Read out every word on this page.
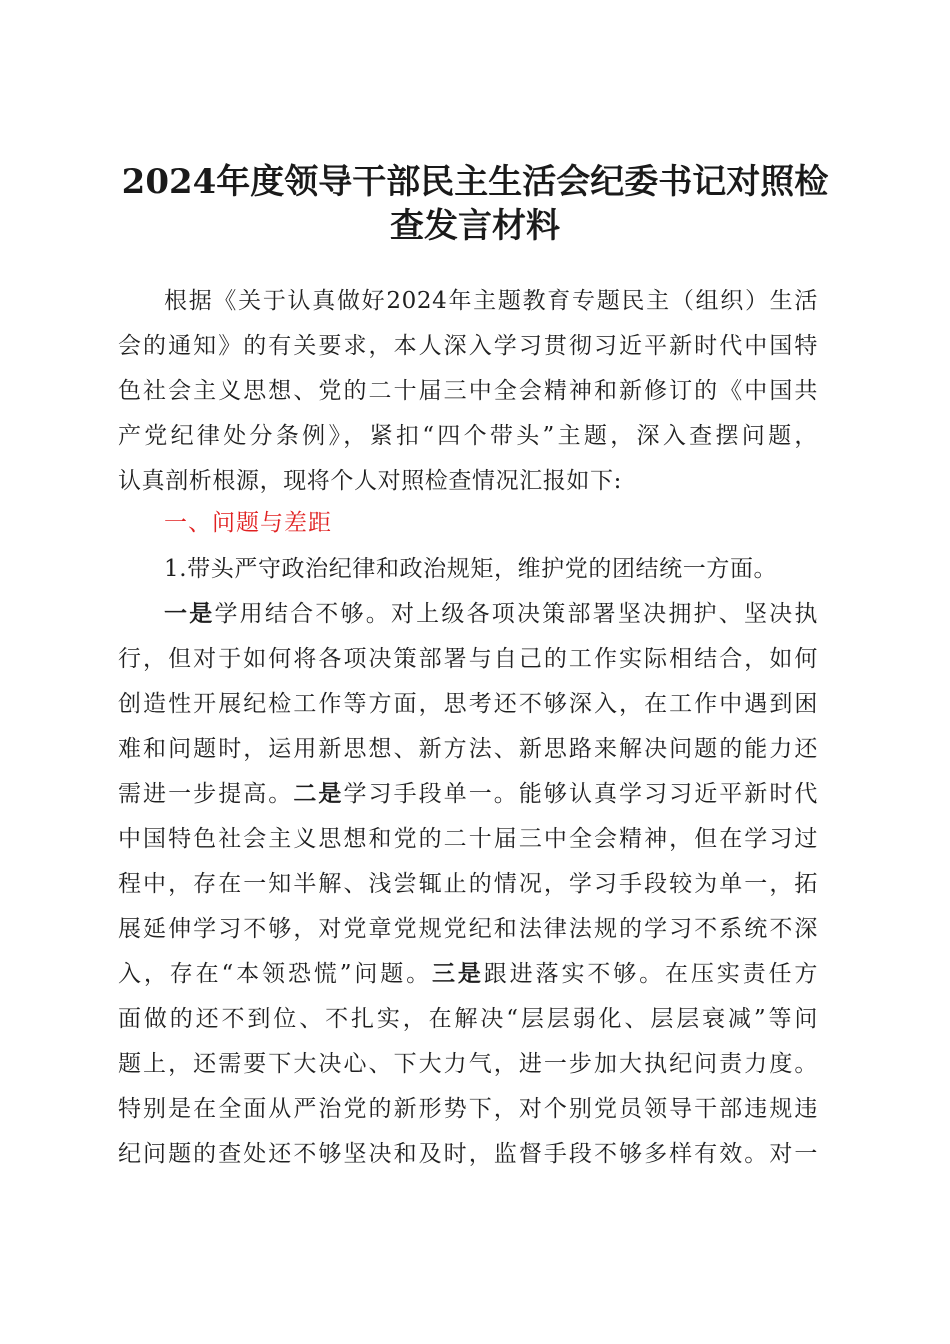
2024年度领导干部民主生活会纪委书记对照检
查发言材料
根据《关于认真做好2024年主题教育专题民主（组织）生活
会的通知》的有关要求，本人深入学习贯彻习近平新时代中国特
色社会主义思想、党的二十届三中全会精神和新修订的《中国共
产党纪律处分条例》，紧扣“四个带头”主题，深入查摆问题，
认真剖析根源，现将个人对照检查情况汇报如下:
一、问题与差距
1.带头严守政治纪律和政治规矩，维护党的团结统一方面。
一是学用结合不够。对上级各项决策部署坚决拥护、坚决执
行，但对于如何将各项决策部署与自己的工作实际相结合，如何
创造性开展纪检工作等方面，思考还不够深入，在工作中遇到困
难和问题时，运用新思想、新方法、新思路来解决问题的能力还
需进一步提高。二是学习手段单一。能够认真学习习近平新时代
中国特色社会主义思想和党的二十届三中全会精神，但在学习过
程中，存在一知半解、浅尝辄止的情况，学习手段较为单一，拓
展延伸学习不够，对党章党规党纪和法律法规的学习不系统不深
入，存在“本领恐慌”问题。三是跟进落实不够。在压实责任方
面做的还不到位、不扎实，在解决“层层弱化、层层衰减”等问
题上，还需要下大决心、下大力气，进一步加大执纪问责力度。
特别是在全面从严治党的新形势下，对个别党员领导干部违规违
纪问题的查处还不够坚决和及时，监督手段不够多样有效。对一
